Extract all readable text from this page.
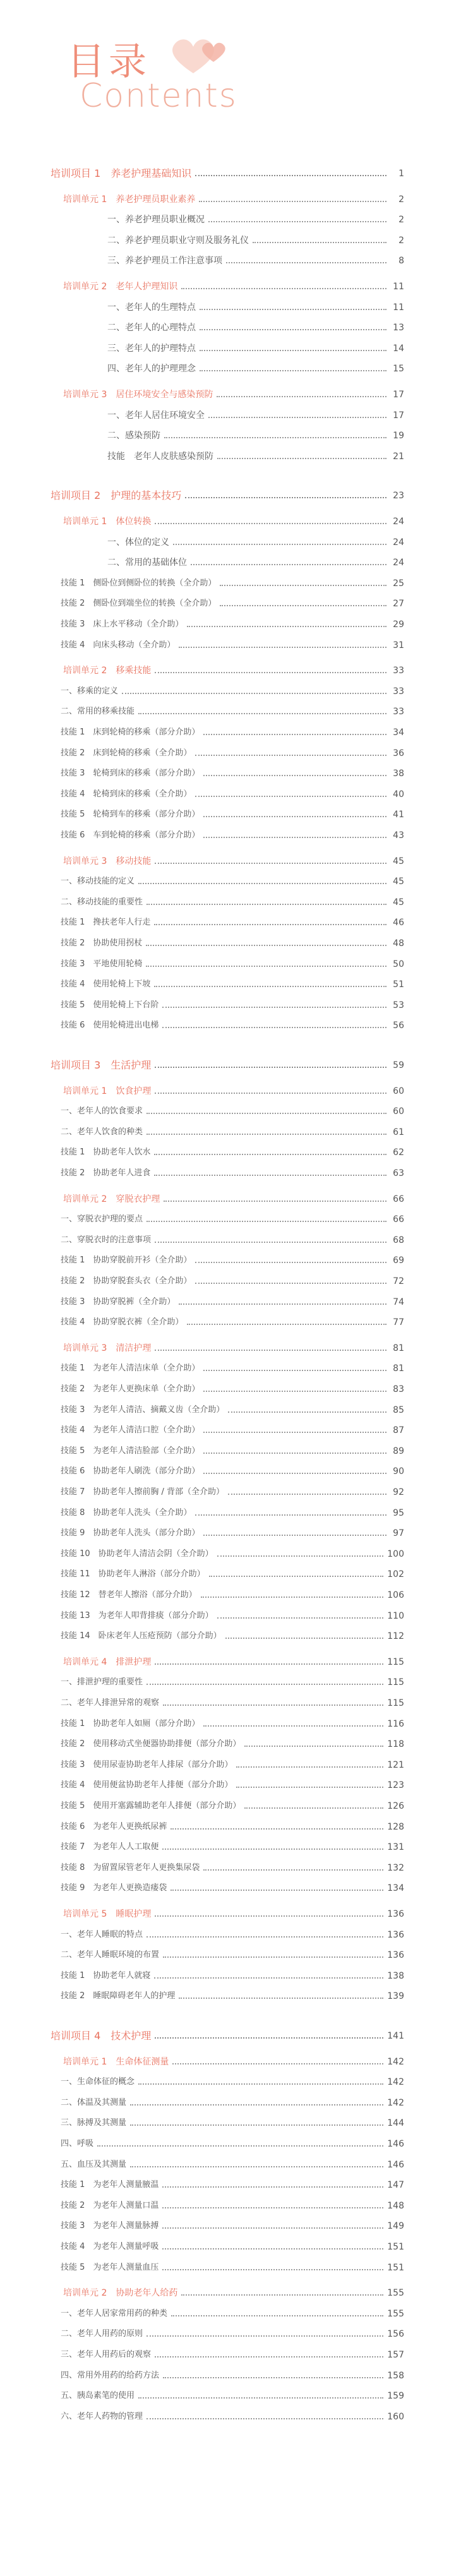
目录
Contents
培训项目 1　养老护理基础知识	1
培训单元 1　养老护理员职业素养	2
一、养老护理员职业概况	2
二、养老护理员职业守则及服务礼仪	2
三、养老护理员工作注意事项	8
培训单元 2　老年人护理知识	11
一、老年人的生理特点	11
二、老年人的心理特点	13
三、老年人的护理特点	14
四、老年人的护理理念	15
培训单元 3　居住环境安全与感染预防	17
一、老年人居住环境安全	17
二、感染预防	19
技能　老年人皮肤感染预防	21
培训项目 2　护理的基本技巧	23
培训单元 1　体位转换	24
一、体位的定义	24
二、常用的基础体位	24
技能 1　侧卧位到侧卧位的转换（全介助）	25
技能 2　侧卧位到端坐位的转换（全介助）	27
技能 3　床上水平移动（全介助）	29
技能 4　向床头移动（全介助）	31
培训单元 2　移乘技能	33
一、移乘的定义	33
二、常用的移乘技能	33
技能 1　床到轮椅的移乘（部分介助）	34
技能 2　床到轮椅的移乘（全介助）	36
技能 3　轮椅到床的移乘（部分介助）	38
技能 4　轮椅到床的移乘（全介助）	40
技能 5　轮椅到车的移乘（部分介助）	41
技能 6　车到轮椅的移乘（部分介助）	43
培训单元 3　移动技能	45
一、移动技能的定义	45
二、移动技能的重要性	45
技能 1　搀扶老年人行走	46
技能 2　协助使用拐杖	48
技能 3　平地使用轮椅	50
技能 4　使用轮椅上下坡	51
技能 5　使用轮椅上下台阶	53
技能 6　使用轮椅进出电梯	56
培训项目 3　生活护理	59
培训单元 1　饮食护理	60
一、老年人的饮食要求	60
二、老年人饮食的种类	61
技能 1　协助老年人饮水	62
技能 2　协助老年人进食	63
培训单元 2　穿脱衣护理	66
一、穿脱衣护理的要点	66
二、穿脱衣时的注意事项	68
技能 1　协助穿脱前开衫（全介助）	69
技能 2　协助穿脱套头衣（全介助）	72
技能 3　协助穿脱裤（全介助）	74
技能 4　协助穿脱衣裤（全介助）	77
培训单元 3　清洁护理	81
技能 1　为老年人清洁床单（全介助）	81
技能 2　为老年人更换床单（全介助）	83
技能 3　为老年人清洁、摘戴义齿（全介助）	85
技能 4　为老年人清洁口腔（全介助）	87
技能 5　为老年人清洁脸部（全介助）	89
技能 6　协助老年人刷洗（部分介助）	90
技能 7　协助老年人擦前胸 / 背部（全介助）	92
技能 8　协助老年人洗头（全介助）	95
技能 9　协助老年人洗头（部分介助）	97
技能 10　协助老年人清洁会阴（全介助）	100
技能 11　协助老年人淋浴（部分介助）	102
技能 12　替老年人擦浴（部分介助）	106
技能 13　为老年人叩背排痰（部分介助）	110
技能 14　卧床老年人压疮预防（部分介助）	112
培训单元 4　排泄护理	115
一、排泄护理的重要性	115
二、老年人排泄异常的观察	115
技能 1　协助老年人如厕（部分介助）	116
技能 2　使用移动式坐便器协助排便（部分介助）	118
技能 3　使用尿壶协助老年人排尿（部分介助）	121
技能 4　使用便盆协助老年人排便（部分介助）	123
技能 5　使用开塞露辅助老年人排便（部分介助）	126
技能 6　为老年人更换纸尿裤	128
技能 7　为老年人人工取便	131
技能 8　为留置尿管老年人更换集尿袋	132
技能 9　为老年人更换造瘘袋	134
培训单元 5　睡眠护理	136
一、老年人睡眠的特点	136
二、老年人睡眠环境的布置	136
技能 1　协助老年人就寝	138
技能 2　睡眠障碍老年人的护理	139
培训项目 4　技术护理	141
培训单元 1　生命体征测量	142
一、生命体征的概念	142
二、体温及其测量	142
三、脉搏及其测量	144
四、呼吸	146
五、血压及其测量	146
技能 1　为老年人测量腋温	147
技能 2　为老年人测量口温	148
技能 3　为老年人测量脉搏	149
技能 4　为老年人测量呼吸	151
技能 5　为老年人测量血压	151
培训单元 2　协助老年人给药	155
一、老年人居家常用药的种类	155
二、老年人用药的原则	156
三、老年人用药后的观察	157
四、常用外用药的给药方法	158
五、胰岛素笔的使用	159
六、老年人药物的管理	160
